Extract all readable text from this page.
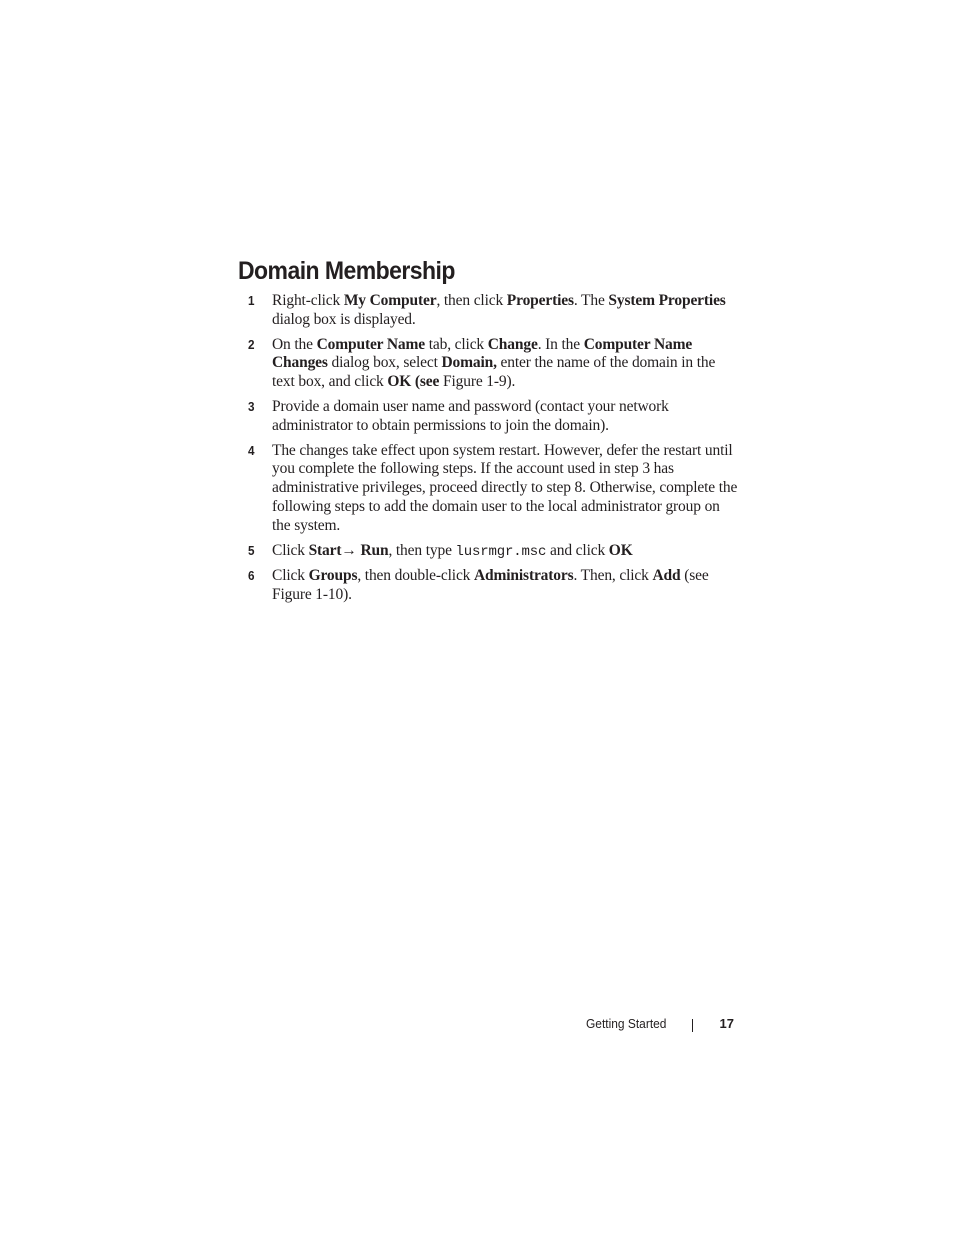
Domain Membership
1 Right-click My Computer, then click Properties. The System Properties dialog box is displayed.
2 On the Computer Name tab, click Change. In the Computer Name Changes dialog box, select Domain, enter the name of the domain in the text box, and click OK (see Figure 1-9).
3 Provide a domain user name and password (contact your network administrator to obtain permissions to join the domain).
4 The changes take effect upon system restart. However, defer the restart until you complete the following steps. If the account used in step 3 has administrative privileges, proceed directly to step 8. Otherwise, complete the following steps to add the domain user to the local administrator group on the system.
5 Click Start→ Run, then type lusrmgr.msc and click OK
6 Click Groups, then double-click Administrators. Then, click Add (see Figure 1-10).
Getting Started	17
